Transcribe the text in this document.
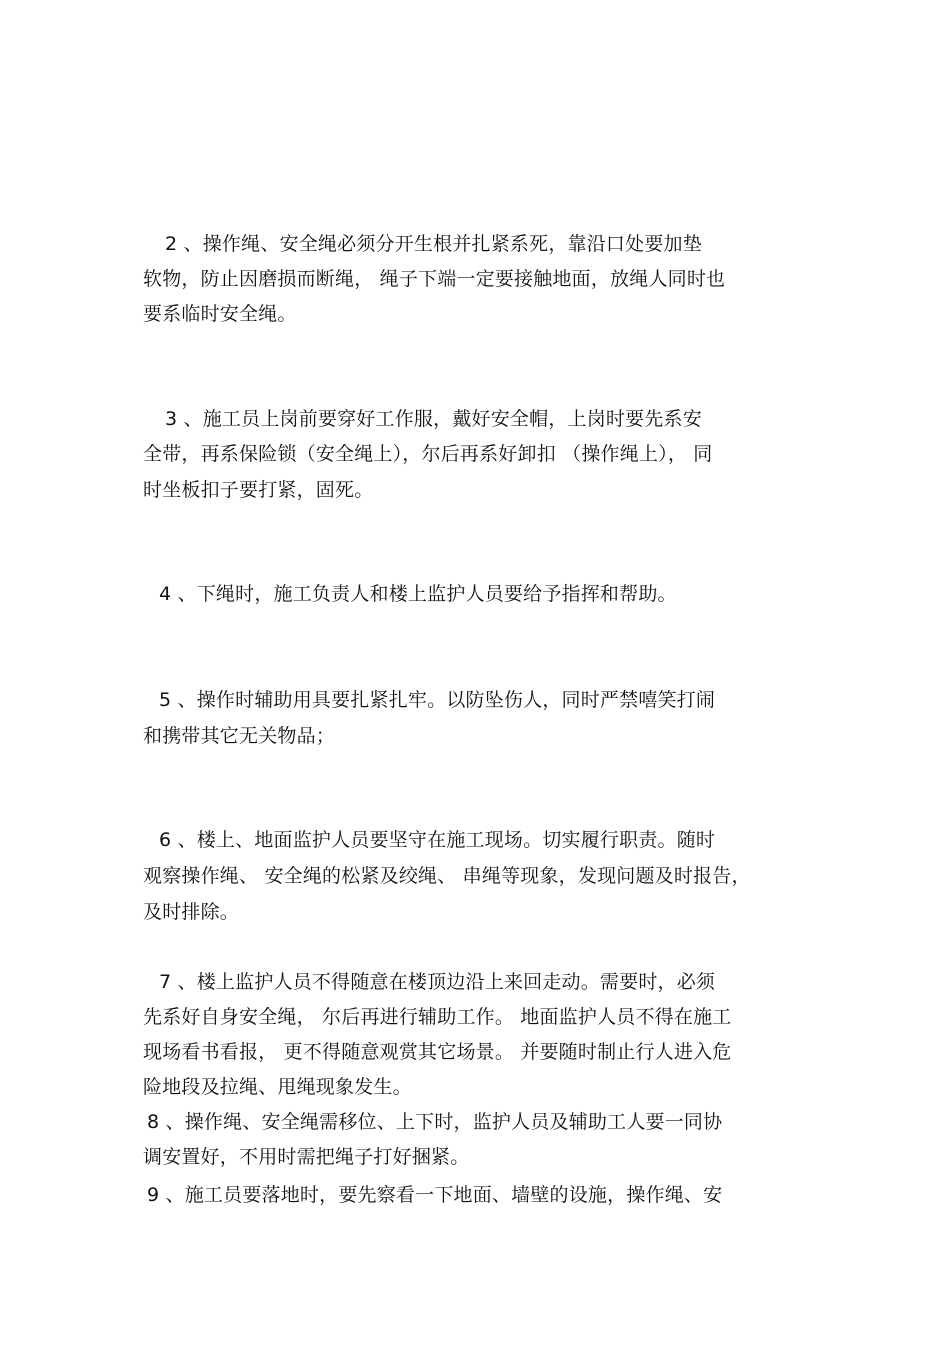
2 、操作绳、安全绳必须分开生根并扎紧系死，靠沿口处要加垫
软物，防止因磨损而断绳， 绳子下端一定要接触地面，放绳人同时也
要系临时安全绳。
3 、施工员上岗前要穿好工作服，戴好安全帽，上岗时要先系安
全带，再系保险锁（安全绳上），尔后再系好卸扣 （操作绳上）， 同
时坐板扣子要打紧，固死。
4 、下绳时，施工负责人和楼上监护人员要给予指挥和帮助。
5 、操作时辅助用具要扎紧扎牢。以防坠伤人，同时严禁嘻笑打闹
和携带其它无关物品；
6 、楼上、地面监护人员要坚守在施工现场。切实履行职责。随时
观察操作绳、 安全绳的松紧及绞绳、 串绳等现象，发现问题及时报告，
及时排除。
7 、楼上监护人员不得随意在楼顶边沿上来回走动。需要时，必须
先系好自身安全绳， 尔后再进行辅助工作。 地面监护人员不得在施工
现场看书看报， 更不得随意观赏其它场景。 并要随时制止行人进入危
险地段及拉绳、甩绳现象发生。
8 、操作绳、安全绳需移位、上下时，监护人员及辅助工人要一同协
调安置好，不用时需把绳子打好捆紧。
9 、施工员要落地时，要先察看一下地面、墙壁的设施，操作绳、安
